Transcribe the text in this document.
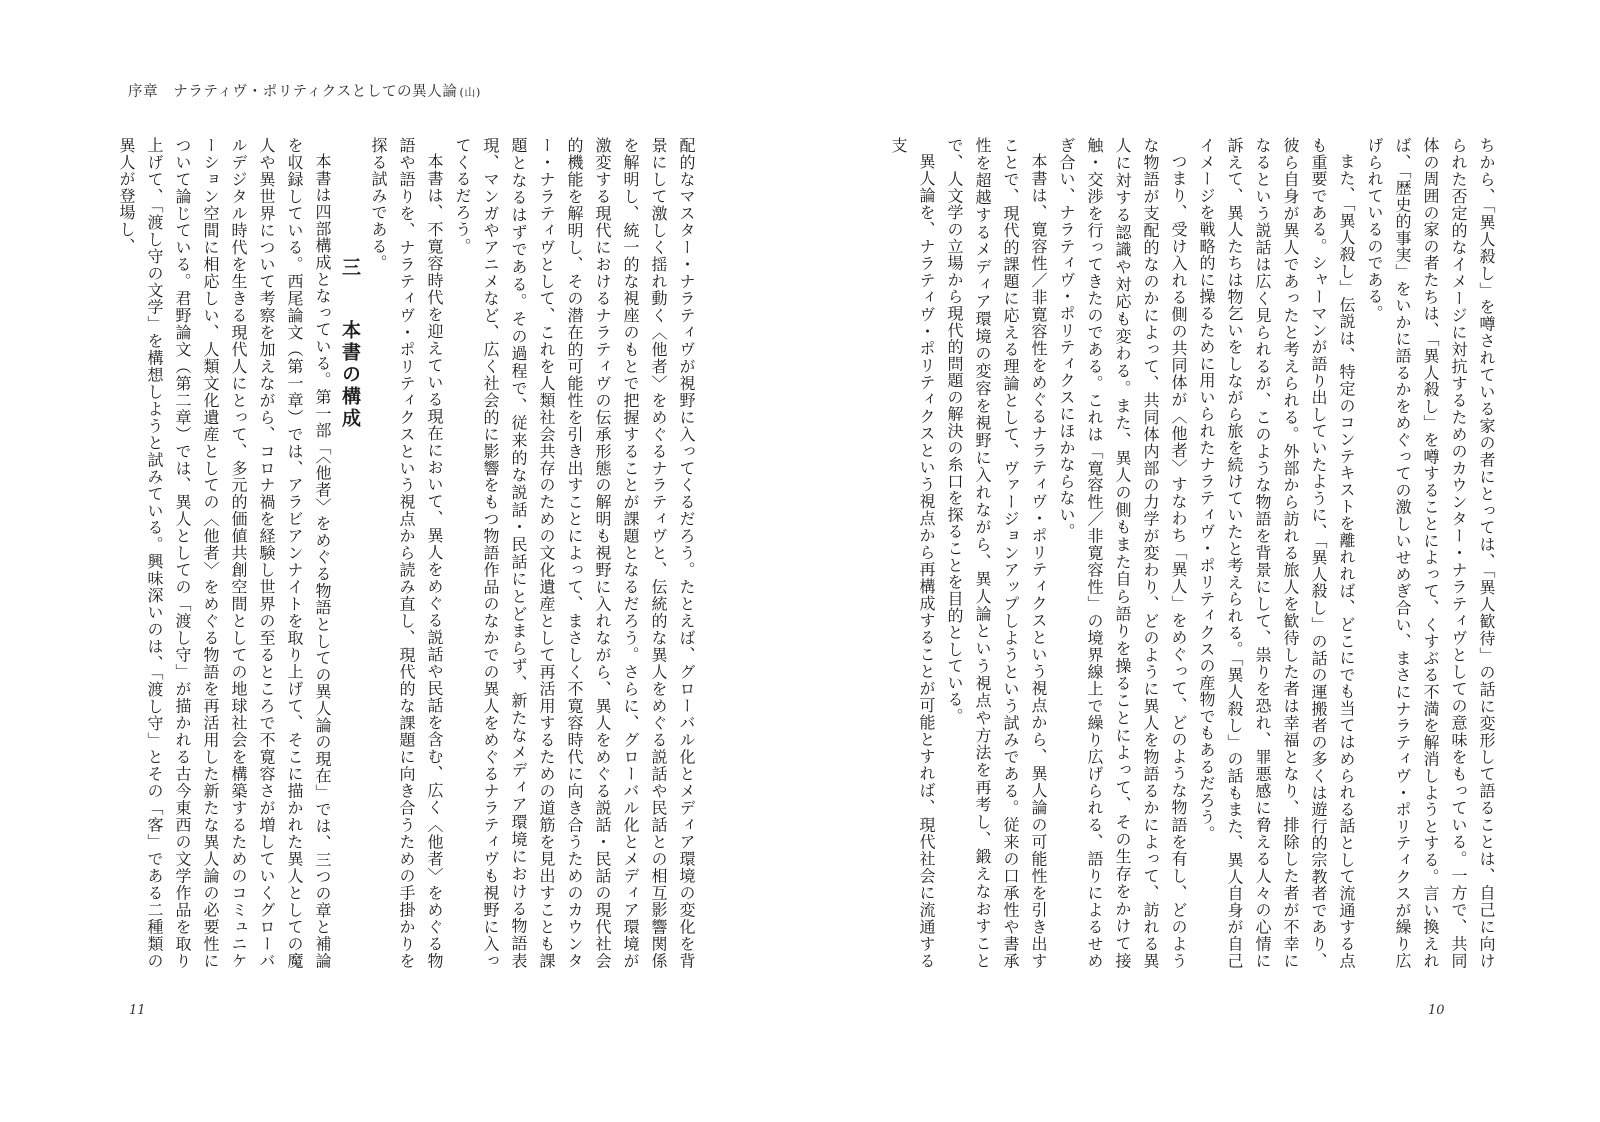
序章　ナラティヴ・ポリティクスとしての異人論 (山)

配的なマスター・ナラティヴが視野に入ってくるだろう。たとえば、グローバル化とメディア環境の変化を背景にして激しく揺れ動く〈他者〉をめぐるナラティヴと、伝統的な異人をめぐる説話や民話との相互影響関係を解明し、統一的な視座のもとで把握することが課題となるだろう。さらに、グローバル化とメディア環境が激変する現代におけるナラティヴの伝承形態の解明も視野に入れながら、異人をめぐる説話・民話の現代社会的機能を解明し、その潜在的可能性を引き出すことによって、まさしく不寛容時代に向き合うためのカウンター・ナラティヴとして、これを人類社会共存のための文化遺産として再活用するための道筋を見出すことも課題となるはずである。その過程で、従来的な説話・民話にとどまらず、新たなメディア環境における物語表現、マンガやアニメなど、広く社会的に影響をもつ物語作品のなかでの異人をめぐるナラティヴも視野に入ってくるだろう。

本書は、不寛容時代を迎えている現在において、異人をめぐる説話や民話を含む、広く〈他者〉をめぐる物語や語りを、ナラティヴ・ポリティクスという視点から読み直し、現代的な課題に向き合うための手掛かりを探る試みである。

三　本書の構成

本書は四部構成となっている。第一部「〈他者〉をめぐる物語としての異人論の現在」では、三つの章と補論を収録している。西尾論文（第一章）では、アラビアンナイトを取り上げて、そこに描かれた異人としての魔人や異世界について考察を加えながら、コロナ禍を経験し世界の至るところで不寛容さが増していくグローバルデジタル時代を生きる現代人にとって、多元的価値共創空間としての地球社会を構築するためのコミュニケーション空間に相応しい、人類文化遺産としての〈他者〉をめぐる物語を再活用した新たな異人論の必要性について論じている。君野論文（第二章）では、異人としての「渡し守」が描かれる古今東西の文学作品を取り上げて、「渡し守の文学」を構想しようと試みている。興味深いのは、「渡し守」とその「客」である二種類の異人が登場し、

11

ちから、「異人殺し」を噂されている家の者にとっては、「異人歓待」の話に変形して語ることは、自己に向けられた否定的なイメージに対抗するためのカウンター・ナラティヴとしての意味をもっている。一方で、共同体の周囲の家の者たちは、「異人殺し」を噂することによって、くすぶる不満を解消しようとする。言い換えれば、「歴史的事実」をいかに語るかをめぐっての激しいせめぎ合い、まさにナラティヴ・ポリティクスが繰り広げられているのである。

また、「異人殺し」伝説は、特定のコンテキストを離れれば、どこにでも当てはめられる話として流通する点も重要である。シャーマンが語り出していたように、「異人殺し」の話の運搬者の多くは遊行的宗教者であり、彼ら自身が異人であったと考えられる。外部から訪れる旅人を歓待した者は幸福となり、排除した者が不幸になるという説話は広く見られるが、このような物語を背景にして、祟りを恐れ、罪悪感に脅える人々の心情に訴えて、異人たちは物乞いをしながら旅を続けていたと考えられる。「異人殺し」の話もまた、異人自身が自己イメージを戦略的に操るために用いられたナラティヴ・ポリティクスの産物でもあるだろう。

つまり、受け入れる側の共同体が〈他者〉すなわち「異人」をめぐって、どのような物語を有し、どのような物語が支配的なのかによって、共同体内部の力学が変わり、どのように異人を物語るかによって、訪れる異人に対する認識や対応も変わる。また、異人の側もまた自ら語りを操ることによって、その生存をかけて接触・交渉を行ってきたのである。これは「寛容性／非寛容性」の境界線上で繰り広げられる、語りによるせめぎ合い、ナラティヴ・ポリティクスにほかならない。

本書は、寛容性／非寛容性をめぐるナラティヴ・ポリティクスという視点から、異人論の可能性を引き出すことで、現代的課題に応える理論として、ヴァージョンアップしようという試みである。従来の口承性や書承性を超越するメディア環境の変容を視野に入れながら、異人論という視点や方法を再考し、鍛えなおすことで、人文学の立場から現代的問題の解決の糸口を探ることを目的としている。

異人論を、ナラティヴ・ポリティクスという視点から再構成することが可能とすれば、現代社会に流通する支

10
